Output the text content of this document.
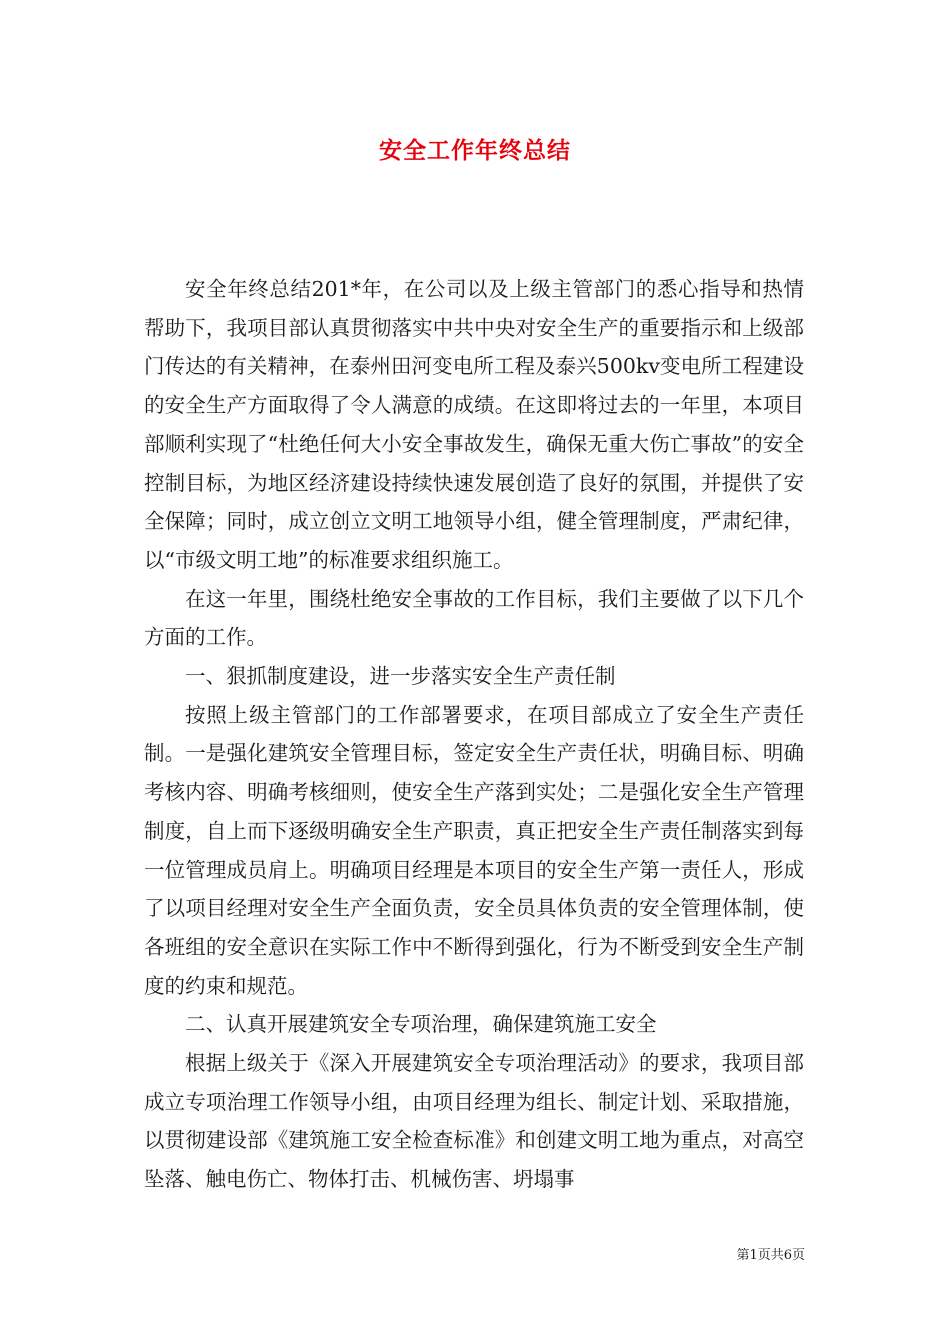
安全工作年终总结

安全年终总结201*年，在公司以及上级主管部门的悉心指导和热情帮助下，我项目部认真贯彻落实中共中央对安全生产的重要指示和上级部门传达的有关精神，在泰州田河变电所工程及泰兴500kv变电所工程建设的安全生产方面取得了令人满意的成绩。在这即将过去的一年里，本项目部顺利实现了“杜绝任何大小安全事故发生，确保无重大伤亡事故”的安全控制目标，为地区经济建设持续快速发展创造了良好的氛围，并提供了安全保障；同时，成立创立文明工地领导小组，健全管理制度，严肃纪律，以“市级文明工地”的标准要求组织施工。

在这一年里，围绕杜绝安全事故的工作目标，我们主要做了以下几个方面的工作。

一、狠抓制度建设，进一步落实安全生产责任制

按照上级主管部门的工作部署要求，在项目部成立了安全生产责任制。一是强化建筑安全管理目标，签定安全生产责任状，明确目标、明确考核内容、明确考核细则，使安全生产落到实处；二是强化安全生产管理制度，自上而下逐级明确安全生产职责，真正把安全生产责任制落实到每一位管理成员肩上。明确项目经理是本项目的安全生产第一责任人，形成了以项目经理对安全生产全面负责，安全员具体负责的安全管理体制，使各班组的安全意识在实际工作中不断得到强化，行为不断受到安全生产制度的约束和规范。

二、认真开展建筑安全专项治理，确保建筑施工安全

根据上级关于《深入开展建筑安全专项治理活动》的要求，我项目部成立专项治理工作领导小组，由项目经理为组长、制定计划、采取措施，以贯彻建设部《建筑施工安全检查标准》和创建文明工地为重点，对高空坠落、触电伤亡、物体打击、机械伤害、坍塌事

第1页共6页
